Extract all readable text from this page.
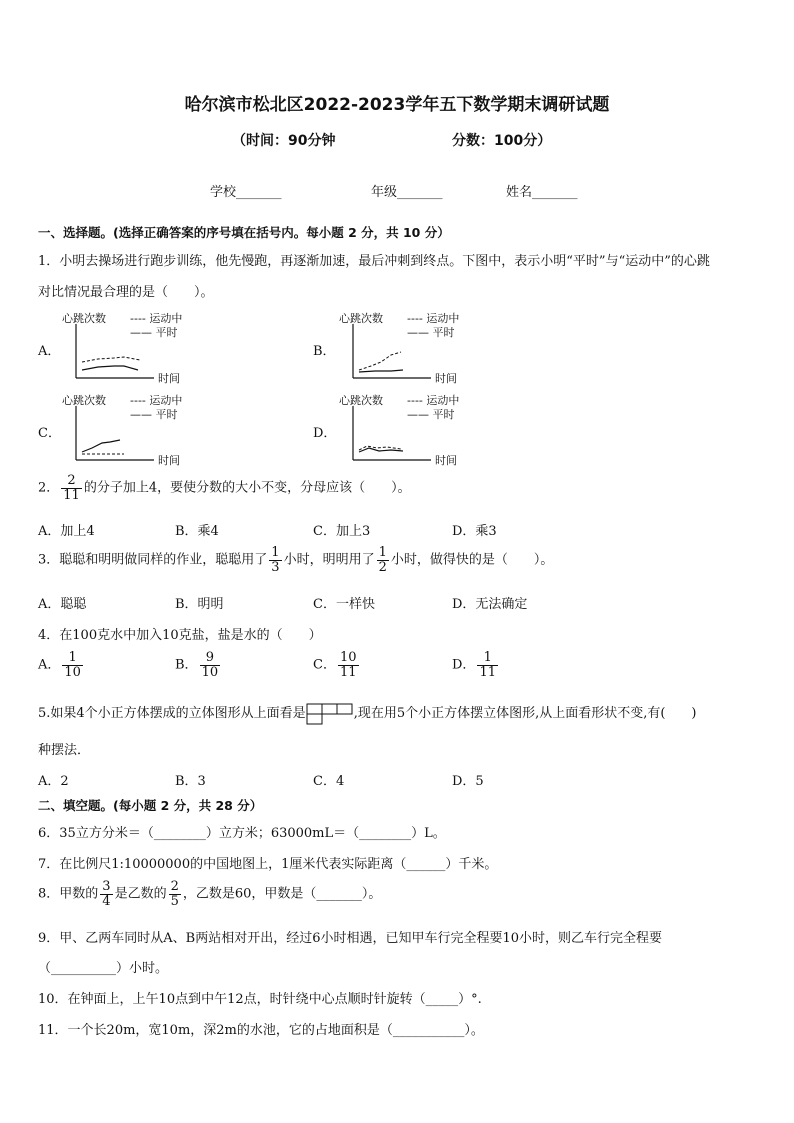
哈尔滨市松北区2022-2023学年五下数学期末调研试题
（时间：90分钟	分数：100分）
学校_______	年级_______	姓名_______
一、选择题。(选择正确答案的序号填在括号内。每小题 2 分，共 10 分）
1．小明去操场进行跑步训练，他先慢跑，再逐渐加速，最后冲刺到终点。下图中，表示小明“平时”与“运动中”的心跳
对比情况最合理的是（　　）。
A．	B．
C．	D．
心跳次数
时间
---- 运动中
—— 平时
心跳次数
时间
---- 运动中
—— 平时
心跳次数
时间
---- 运动中
—— 平时
心跳次数
时间
---- 运动中
—— 平时
2． $\frac{2}{11}$ 的分子加上4，要使分数的大小不变，分母应该（　　）。
A．加上4	B．乘4	C．加上3	D．乘3
3．聪聪和明明做同样的作业，聪聪用了 $\frac{1}{3}$ 小时，明明用了 $\frac{1}{2}$ 小时，做得快的是（　　）。
A．聪聪	B．明明	C．一样快	D．无法确定
4．在100克水中加入10克盐，盐是水的（　　）
A． $\frac{1}{10}$	B． $\frac{9}{10}$	C． $\frac{10}{11}$	D． $\frac{1}{11}$
5.如果4个小正方体摆成的立体图形从上面看是	,现在用5个小正方体摆立体图形,从上面看形状不变,有(　　)
种摆法．
A．2	B．3	C．4	D．5
二、填空题。(每小题 2 分，共 28 分）
6．35立方分米＝（________）立方米；63000mL＝（________）L。
7．在比例尺1:10000000的中国地图上，1厘米代表实际距离（______）千米。
8．甲数的 $\frac{3}{4}$ 是乙数的 $\frac{2}{5}$ ，乙数是60，甲数是（_______）。
9．甲、乙两车同时从A、B两站相对开出，经过6小时相遇，已知甲车行完全程要10小时，则乙车行完全程要
（__________）小时。
10．在钟面上，上午10点到中午12点，时针绕中心点顺时针旋转（_____）°.
11．一个长20m，宽10m，深2m的水池，它的占地面积是（___________）。
